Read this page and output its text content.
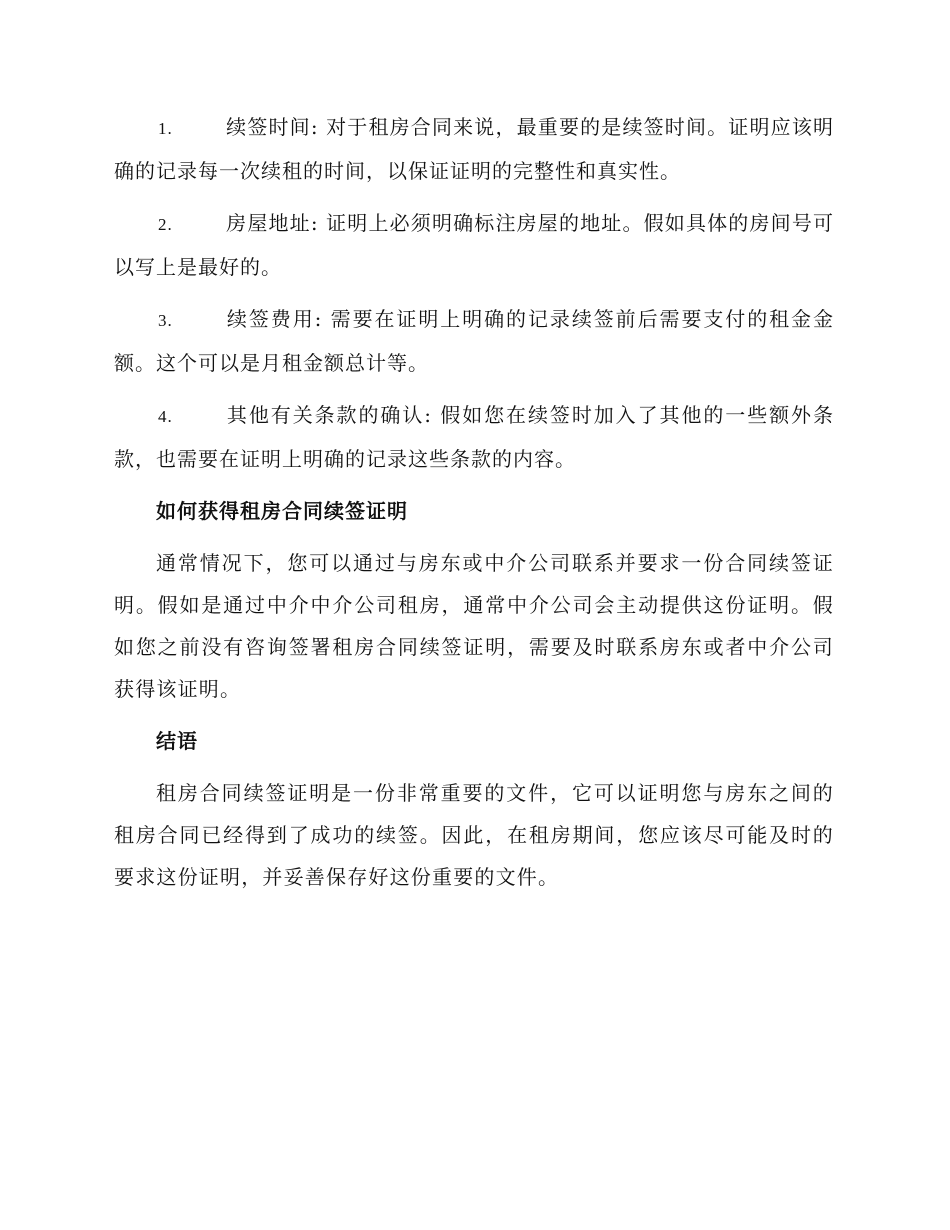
1.	续签时间: 对于租房合同来说，最重要的是续签时间。证明应该明确的记录每一次续租的时间，以保证证明的完整性和真实性。

2.	房屋地址: 证明上必须明确标注房屋的地址。假如具体的房间号可以写上是最好的。

3.	续签费用: 需要在证明上明确的记录续签前后需要支付的租金金额。这个可以是月租金额总计等。

4.	其他有关条款的确认: 假如您在续签时加入了其他的一些额外条款，也需要在证明上明确的记录这些条款的内容。

如何获得租房合同续签证明

通常情况下，您可以通过与房东或中介公司联系并要求一份合同续签证明。假如是通过中介中介公司租房，通常中介公司会主动提供这份证明。假如您之前没有咨询签署租房合同续签证明，需要及时联系房东或者中介公司获得该证明。

结语

租房合同续签证明是一份非常重要的文件，它可以证明您与房东之间的租房合同已经得到了成功的续签。因此，在租房期间，您应该尽可能及时的要求这份证明，并妥善保存好这份重要的文件。
